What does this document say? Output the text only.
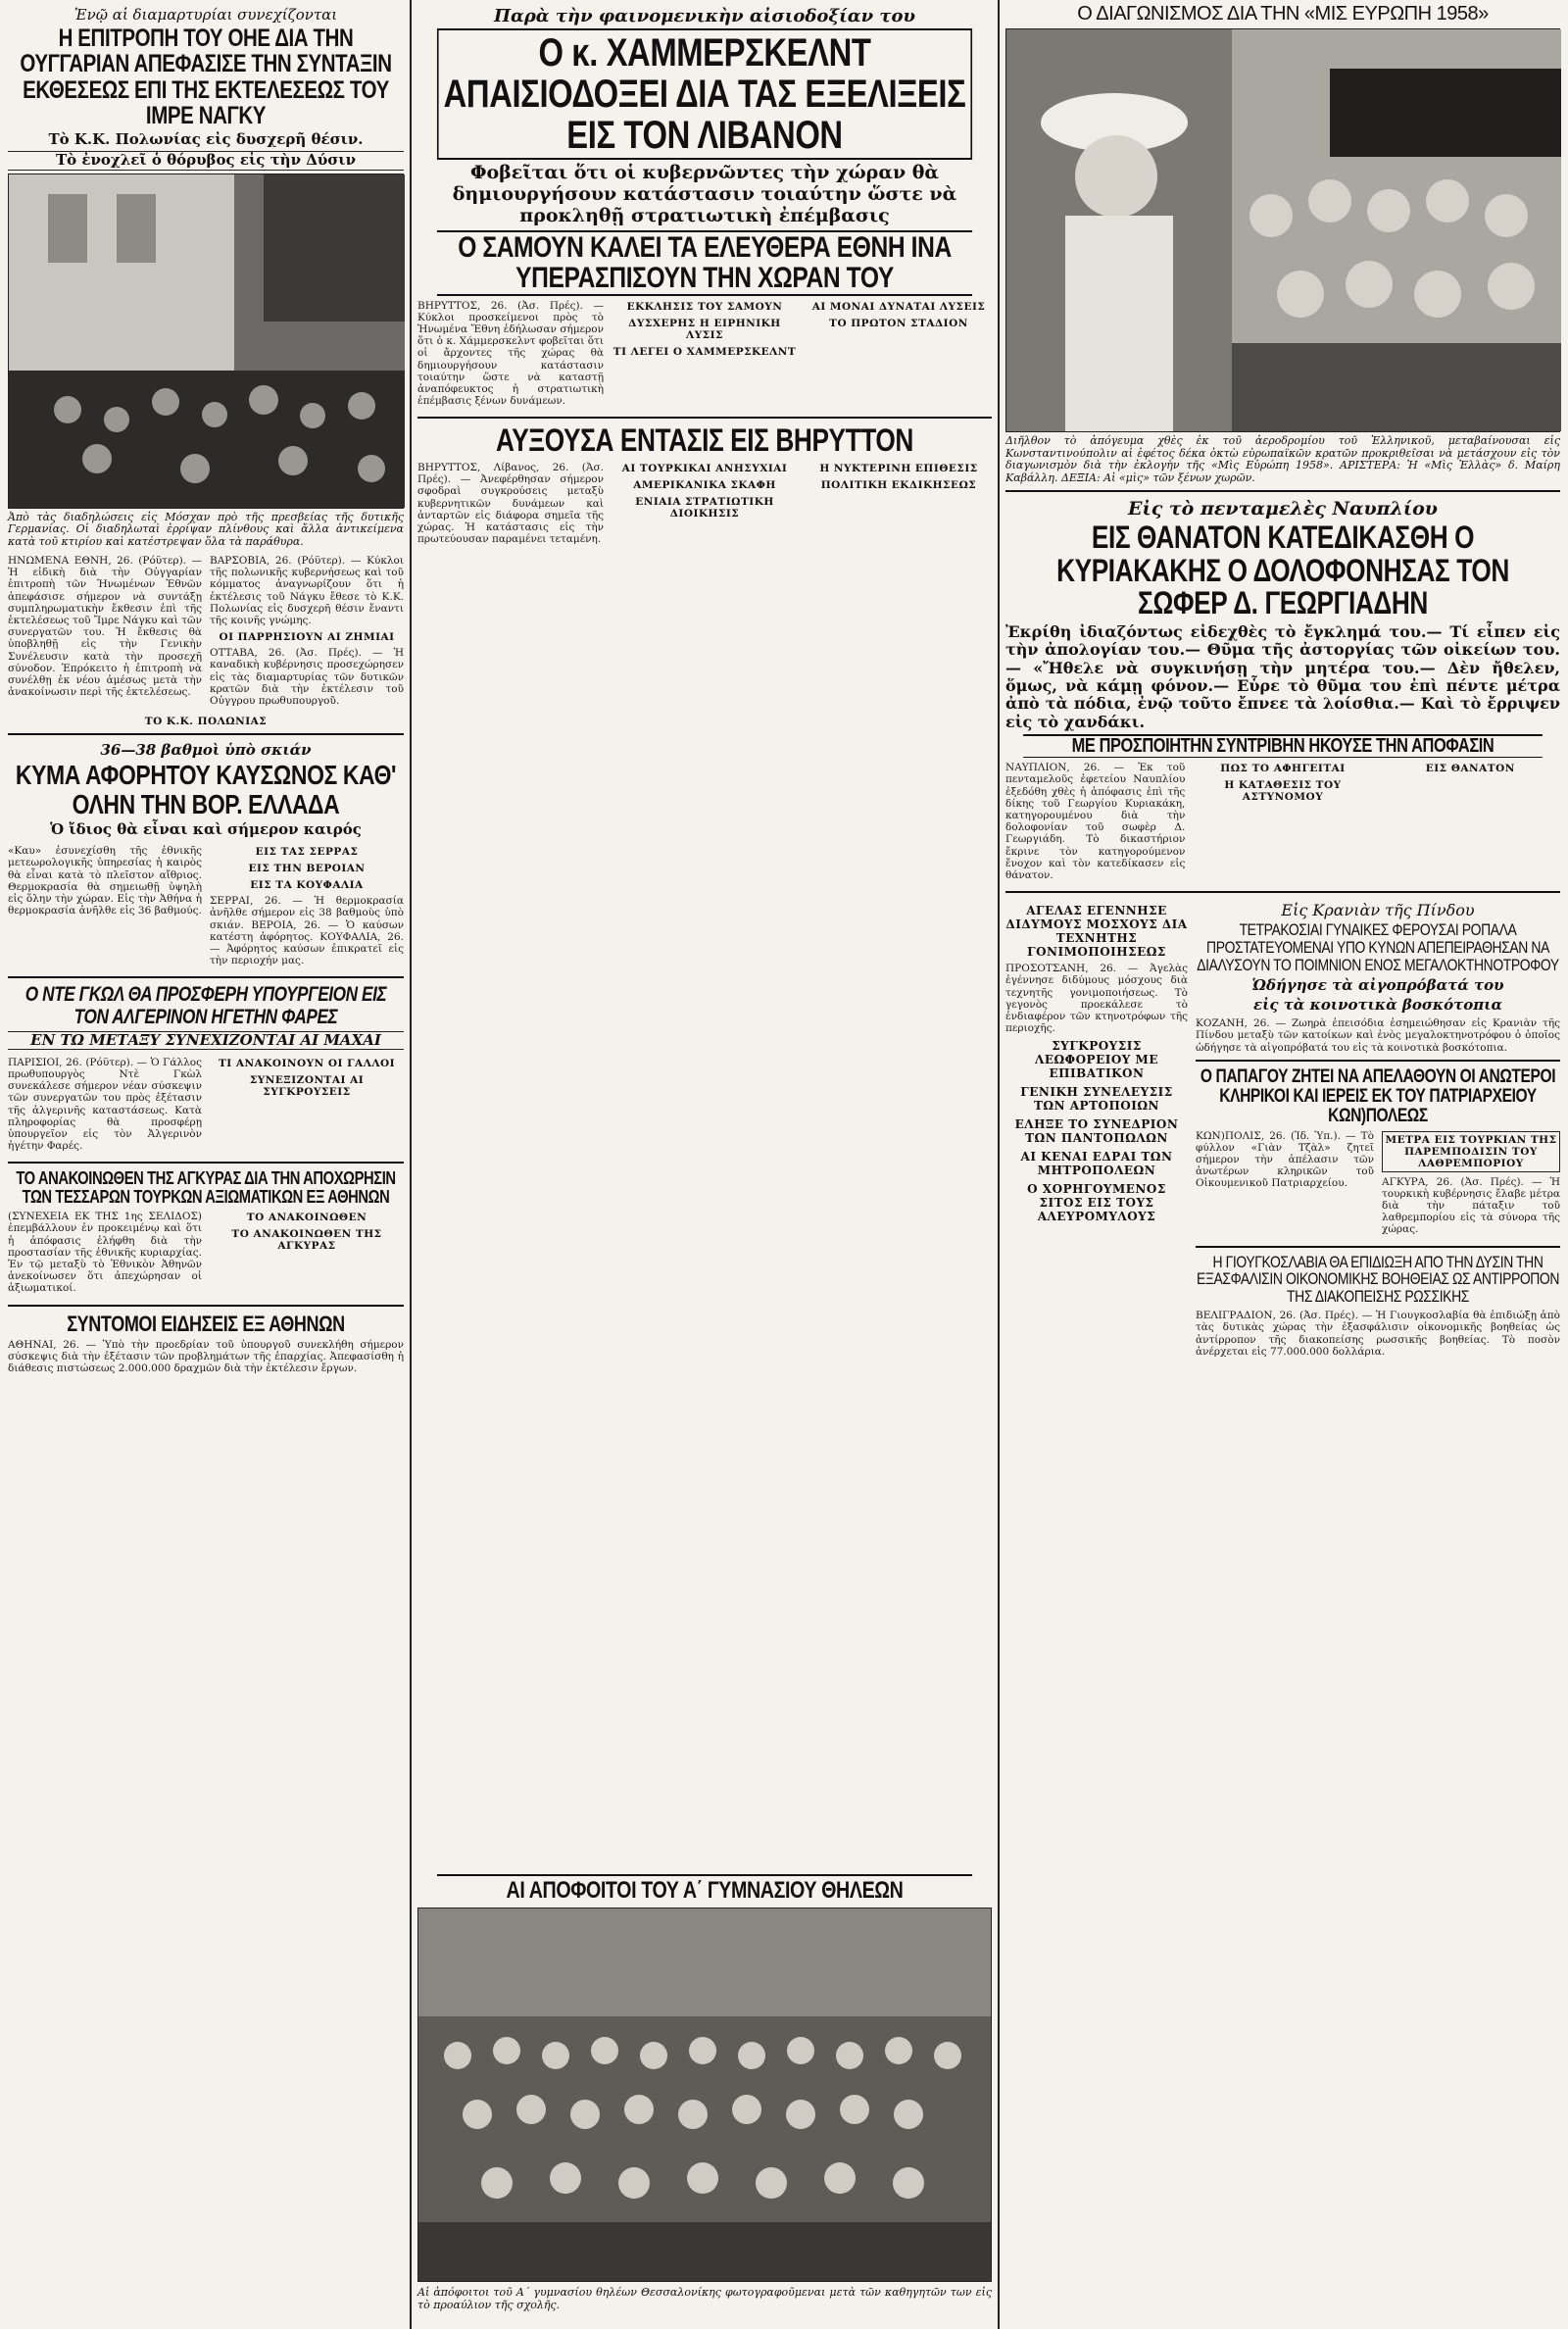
Ἐνῷ αἱ διαμαρτυρίαι συνεχίζονται
Η ΕΠΙΤΡΟΠΗ ΤΟΥ ΟΗΕ ΔΙΑ ΤΗΝ ΟΥΓΓΑΡΙΑΝ ΑΠΕΦΑΣΙΣΕ ΤΗΝ ΣΥΝΤΑΞΙΝ ΕΚΘΕΣΕΩΣ ΕΠΙ ΤΗΣ ΕΚΤΕΛΕΣΕΩΣ ΤΟΥ ΙΜΡΕ ΝΑΓΚΥ
Τὸ Κ.Κ. Πολωνίας εἰς δυσχερῆ θέσιν.
Τὸ ἐνοχλεῖ ὁ θόρυβος εἰς τὴν Δύσιν
Ἀπὸ τὰς διαδηλώσεις εἰς Μόσχαν πρὸ τῆς πρεσβείας τῆς δυτικῆς Γερμανίας. Οἱ διαδηλωταὶ ἐρρίψαν πλίνθους καὶ ἄλλα ἀντικείμενα κατὰ τοῦ κτιρίου καὶ κατέστρεψαν ὅλα τὰ παράθυρα.
ΗΝΩΜΕΝΑ ΕΘΝΗ, 26. (Ρόϋτερ). — Ἡ εἰδικὴ διὰ τὴν Οὐγγαρίαν ἐπιτροπὴ τῶν Ἡνωμένων Ἐθνῶν ἀπεφάσισε σήμερον νὰ συντάξῃ συμπληρωματικὴν ἔκθεσιν ἐπὶ τῆς ἐκτελέσεως τοῦ Ἴμρε Νάγκυ καὶ τῶν συνεργατῶν του. Ἡ ἔκθεσις θὰ ὑποβληθῇ εἰς τὴν Γενικὴν Συνέλευσιν κατὰ τὴν προσεχῆ σύνοδον. Ἐπρόκειτο ἡ ἐπιτροπὴ νὰ συνέλθῃ ἐκ νέου ἀμέσως μετὰ τὴν ἀνακοίνωσιν περὶ τῆς ἐκτελέσεως.
ΒΑΡΣΟΒΙΑ, 26. (Ρόϋτερ). — Κύκλοι τῆς πολωνικῆς κυβερνήσεως καὶ τοῦ κόμματος ἀναγνωρίζουν ὅτι ἡ ἐκτέλεσις τοῦ Νάγκυ ἔθεσε τὸ Κ.Κ. Πολωνίας εἰς δυσχερῆ θέσιν ἔναντι τῆς κοινῆς γνώμης.
ΟΙ ΠΑΡΡΗΣΙΟΥΝ ΑΙ ΖΗΜΙΑΙ
ΟΤΤΑΒΑ, 26. (Ἀσ. Πρές). — Ἡ καναδικὴ κυβέρνησις προσεχώρησεν εἰς τὰς διαμαρτυρίας τῶν δυτικῶν κρατῶν διὰ τὴν ἐκτέλεσιν τοῦ Οὐγγρου πρωθυπουργοῦ.
ΤΟ Κ.Κ. ΠΟΛΩΝΙΑΣ
36—38 βαθμοὶ ὑπὸ σκιάν
ΚΥΜΑ ΑΦΟΡΗΤΟΥ ΚΑΥΣΩΝΟΣ ΚΑΘ' ΟΛΗΝ ΤΗΝ ΒΟΡ. ΕΛΛΑΔΑ
Ὁ ἴδιος θὰ εἶναι καὶ σήμερον καιρός
«Καυ» ἐσυνεχίσθη τῆς ἐθνικῆς μετεωρολογικῆς ὑπηρεσίας ἡ καιρὸς θὰ εἶναι κατὰ τὸ πλεῖστον αἴθριος. Θερμοκρασία θὰ σημειωθῇ ὑψηλὴ εἰς ὅλην τὴν χώραν. Εἰς τὴν Ἀθήνα ἡ θερμοκρασία ἀνῆλθε εἰς 36 βαθμούς.
ΕΙΣ ΤΑΣ ΣΕΡΡΑΣ
ΕΙΣ ΤΗΝ ΒΕΡΟΙΑΝ
ΕΙΣ ΤΑ ΚΟΥΦΑΛΙΑ
ΣΕΡΡΑΙ, 26. — Ἡ θερμοκρασία ἀνῆλθε σήμερον εἰς 38 βαθμοὺς ὑπὸ σκιάν. ΒΕΡΟΙΑ, 26. — Ὁ καύσων κατέστη ἀφόρητος. ΚΟΥΦΑΛΙΑ, 26. — Ἀφόρητος καύσων ἐπικρατεῖ εἰς τὴν περιοχήν μας.
Ο ΝΤΕ ΓΚΩΛ ΘΑ ΠΡΟΣΦΕΡΗ ΥΠΟΥΡΓΕΙΟΝ ΕΙΣ ΤΟΝ ΑΛΓΕΡΙΝΟΝ ΗΓΕΤΗΝ ΦΑΡΕΣ
ΕΝ ΤΩ ΜΕΤΑΞΥ ΣΥΝΕΧΙΖΟΝΤΑΙ ΑΙ ΜΑΧΑΙ
ΠΑΡΙΣΙΟΙ, 26. (Ρόϋτερ). — Ὁ Γάλλος πρωθυπουργὸς Ντὲ Γκὼλ συνεκάλεσε σήμερον νέαν σύσκεψιν τῶν συνεργατῶν του πρὸς ἐξέτασιν τῆς ἀλγερινῆς καταστάσεως. Κατὰ πληροφορίας θὰ προσφέρῃ ὑπουργεῖον εἰς τὸν Ἀλγερινὸν ἡγέτην Φαρές.
ΤΙ ΑΝΑΚΟΙΝΟΥΝ ΟΙ ΓΑΛΛΟΙ
ΣΥΝΕΞΙΖΟΝΤΑΙ ΑΙ ΣΥΓΚΡΟΥΣΕΙΣ
ΤΟ ΑΝΑΚΟΙΝΩΘΕΝ ΤΗΣ ΑΓΚΥΡΑΣ ΔΙΑ ΤΗΝ ΑΠΟΧΩΡΗΣΙΝ ΤΩΝ ΤΕΣΣΑΡΩΝ ΤΟΥΡΚΩΝ ΑΞΙΩΜΑΤΙΚΩΝ ΕΞ ΑΘΗΝΩΝ
(ΣΥΝΕΧΕΙΑ ΕΚ ΤΗΣ 1ης ΣΕΛΙΔΟΣ) ἐπεμβάλλουν ἐν προκειμένῳ καὶ ὅτι ἡ ἀπόφασις ἐλήφθη διὰ τὴν προστασίαν τῆς ἐθνικῆς κυριαρχίας. Ἐν τῷ μεταξὺ τὸ Ἐθνικὸν Ἀθηνῶν ἀνεκοίνωσεν ὅτι ἀπεχώρησαν οἱ ἀξιωματικοί.
ΤΟ ΑΝΑΚΟΙΝΩΘΕΝ
ΤΟ ΑΝΑΚΟΙΝΩΘΕΝ ΤΗΣ ΑΓΚΥΡΑΣ
ΣΥΝΤΟΜΟΙ ΕΙΔΗΣΕΙΣ ΕΞ ΑΘΗΝΩΝ
ΑΘΗΝΑΙ, 26. — Ὑπὸ τὴν προεδρίαν τοῦ ὑπουργοῦ συνεκλήθη σήμερον σύσκεψις διὰ τὴν ἐξέτασιν τῶν προβλημάτων τῆς ἐπαρχίας. Ἀπεφασίσθη ἡ διάθεσις πιστώσεως 2.000.000 δραχμῶν διὰ τὴν ἐκτέλεσιν ἔργων.
Παρὰ τὴν φαινομενικὴν αἰσιοδοξίαν του
Ο κ. ΧΑΜΜΕΡΣΚΕΛΝΤ ΑΠΑΙΣΙΟΔΟΞΕΙ ΔΙΑ ΤΑΣ ΕΞΕΛΙΞΕΙΣ ΕΙΣ ΤΟΝ ΛΙΒΑΝΟΝ
Φοβεῖται ὅτι οἱ κυβερνῶντες τὴν χώραν θὰ δημιουργήσουν κατάστασιν τοιαύτην ὥστε νὰ προκληθῇ στρατιωτικὴ ἐπέμβασις
Ο ΣΑΜΟΥΝ ΚΑΛΕΙ ΤΑ ΕΛΕΥΘΕΡΑ ΕΘΝΗ ΙΝΑ ΥΠΕΡΑΣΠΙΣΟΥΝ ΤΗΝ ΧΩΡΑΝ ΤΟΥ
ΒΗΡΥΤΤΟΣ, 26. (Ἀσ. Πρές). — Κύκλοι προσκείμενοι πρὸς τὸ Ἡνωμένα Ἔθνη ἐδήλωσαν σήμερον ὅτι ὁ κ. Χάμμερσκελντ φοβεῖται ὅτι οἱ ἄρχοντες τῆς χώρας θὰ δημιουργήσουν κατάστασιν τοιαύτην ὥστε νὰ καταστῇ ἀναπόφευκτος ἡ στρατιωτικὴ ἐπέμβασις ξένων δυνάμεων.
ΕΚΚΛΗΣΙΣ ΤΟΥ ΣΑΜΟΥΝ
ΔΥΣΧΕΡΗΣ Η ΕΙΡΗΝΙΚΗ ΛΥΣΙΣ
ΤΙ ΛΕΓΕΙ Ο ΧΑΜΜΕΡΣΚΕΛΝΤ
ΑΙ ΜΟΝΑΙ ΔΥΝΑΤΑΙ ΛΥΣΕΙΣ
ΤΟ ΠΡΩΤΟΝ ΣΤΑΔΙΟΝ
ΑΥΞΟΥΣΑ ΕΝΤΑΣΙΣ ΕΙΣ ΒΗΡΥΤΤΟΝ
ΒΗΡΥΤΤΟΣ, Λίβανος, 26. (Ἀσ. Πρές). — Ἀνεφέρθησαν σήμερον σφοδραὶ συγκρούσεις μεταξὺ κυβερνητικῶν δυνάμεων καὶ ἀνταρτῶν εἰς διάφορα σημεῖα τῆς χώρας. Ἡ κατάστασις εἰς τὴν πρωτεύουσαν παραμένει τεταμένη.
ΑΙ ΤΟΥΡΚΙΚΑΙ ΑΝΗΣΥΧΙΑΙ
ΑΜΕΡΙΚΑΝΙΚΑ ΣΚΑΦΗ
ΕΝΙΑΙΑ ΣΤΡΑΤΙΩΤΙΚΗ ΔΙΟΙΚΗΣΙΣ
Η ΝΥΚΤΕΡΙΝΗ ΕΠΙΘΕΣΙΣ
ΠΟΛΙΤΙΚΗ ΕΚΔΙΚΗΣΕΩΣ
ΑΙ ΑΠΟΦΟΙΤΟΙ ΤΟΥ Α΄ ΓΥΜΝΑΣΙΟΥ ΘΗΛΕΩΝ
Αἱ ἀπόφοιτοι τοῦ Α΄ γυμνασίου θηλέων Θεσσαλονίκης φωτογραφοῦμεναι μετὰ τῶν καθηγητῶν των εἰς τὸ προαύλιον τῆς σχολῆς.
Ο ΔΙΑΓΩΝΙΣΜΟΣ ΔΙΑ ΤΗΝ «ΜΙΣ ΕΥΡΩΠΗ 1958»
Διῆλθον τὸ ἀπόγευμα χθὲς ἐκ τοῦ ἀεροδρομίου τοῦ Ἑλληνικοῦ, μεταβαίνουσαι εἰς Κωνσταντινούπολιν αἱ ἐφέτος δέκα ὀκτὼ εὐρωπαϊκῶν κρατῶν προκριθεῖσαι νὰ μετάσχουν εἰς τὸν διαγωνισμὸν διὰ τὴν ἐκλογὴν τῆς «Μὶς Εὐρώπη 1958». ΑΡΙΣΤΕΡΑ: Ἡ «Μὶς Ἑλλὰς» δ. Μαίρη Καβάλλη. ΔΕΞΙΑ: Αἱ «μὶς» τῶν ξένων χωρῶν.
Εἰς τὸ πενταμελὲς Ναυπλίου
ΕΙΣ ΘΑΝΑΤΟΝ ΚΑΤΕΔΙΚΑΣΘΗ Ο ΚΥΡΙΑΚΑΚΗΣ Ο ΔΟΛΟΦΟΝΗΣΑΣ ΤΟΝ ΣΩΦΕΡ Δ. ΓΕΩΡΓΙΑΔΗΝ
Ἐκρίθη ἰδιαζόντως εἰδεχθὲς τὸ ἔγκλημά του.— Τί εἶπεν εἰς τὴν ἀπολογίαν του.— Θῦμα τῆς ἀστοργίας τῶν οἰκείων του.— «Ἤθελε νὰ συγκινήσῃ τὴν μητέρα του.— Δὲν ἤθελεν, ὅμως, νὰ κάμῃ φόνον.— Εὗρε τὸ θῦμα του ἐπὶ πέντε μέτρα ἀπὸ τὰ πόδια, ἐνῷ τοῦτο ἔπνεε τὰ λοίσθια.— Καὶ τὸ ἔρριψεν εἰς τὸ χανδάκι.
ΜΕ ΠΡΟΣΠΟΙΗΤΗΝ ΣΥΝΤΡΙΒΗΝ ΗΚΟΥΣΕ ΤΗΝ ΑΠΟΦΑΣΙΝ
ΝΑΥΠΛΙΟΝ, 26. — Ἐκ τοῦ πενταμελοῦς ἐφετείου Ναυπλίου ἐξεδόθη χθὲς ἡ ἀπόφασις ἐπὶ τῆς δίκης τοῦ Γεωργίου Κυριακάκη, κατηγορουμένου διὰ τὴν δολοφονίαν τοῦ σωφὲρ Δ. Γεωργιάδη. Τὸ δικαστήριον ἔκρινε τὸν κατηγορούμενον ἔνοχον καὶ τὸν κατεδίκασεν εἰς θάνατον.
ΠΩΣ ΤΟ ΑΦΗΓΕΙΤΑΙ
Η ΚΑΤΑΘΕΣΙΣ ΤΟΥ ΑΣΤΥΝΟΜΟΥ
ΕΙΣ ΘΑΝΑΤΟΝ
ΑΓΕΛΑΣ ΕΓΕΝΝΗΣΕ ΔΙΔΥΜΟΥΣ ΜΟΣΧΟΥΣ ΔΙΑ ΤΕΧΝΗΤΗΣ ΓΟΝΙΜΟΠΟΙΗΣΕΩΣ
ΠΡΟΣΟΤΣΑΝΗ, 26. — Ἀγελὰς ἐγέννησε διδύμους μόσχους διὰ τεχνητῆς γονιμοποιήσεως. Τὸ γεγονὸς προεκάλεσε τὸ ἐνδιαφέρον τῶν κτηνοτρόφων τῆς περιοχῆς.
ΣΥΓΚΡΟΥΣΙΣ ΛΕΩΦΟΡΕΙΟΥ ΜΕ ΕΠΙΒΑΤΙΚΟΝ
ΓΕΝΙΚΗ ΣΥΝΕΛΕΥΣΙΣ ΤΩΝ ΑΡΤΟΠΟΙΩΝ
ΕΛΗΞΕ ΤΟ ΣΥΝΕΔΡΙΟΝ ΤΩΝ ΠΑΝΤΟΠΩΛΩΝ
ΑΙ ΚΕΝΑΙ ΕΔΡΑΙ ΤΩΝ ΜΗΤΡΟΠΟΛΕΩΝ
Ο ΧΟΡΗΓΟΥΜΕΝΟΣ ΣΙΤΟΣ ΕΙΣ ΤΟΥΣ ΑΛΕΥΡΟΜΥΛΟΥΣ
Εἰς Κρανιὰν τῆς Πίνδου
ΤΕΤΡΑΚΟΣΙΑΙ ΓΥΝΑΙΚΕΣ ΦΕΡΟΥΣΑΙ ΡΟΠΑΛΑ ΠΡΟΣΤΑΤΕΥΟΜΕΝΑΙ ΥΠΟ ΚΥΝΩΝ ΑΠΕΠΕΙΡΑΘΗΣΑΝ ΝΑ ΔΙΑΛΥΣΟΥΝ ΤΟ ΠΟΙΜΝΙΟΝ ΕΝΟΣ ΜΕΓΑΛΟΚΤΗΝΟΤΡΟΦΟΥ
Ὡδήγησε τὰ αἰγοπρόβατά του
εἰς τὰ κοινοτικὰ βοσκότοπια
ΚΟΖΑΝΗ, 26. — Ζωηρὰ ἐπεισόδια ἐσημειώθησαν εἰς Κρανιὰν τῆς Πίνδου μεταξὺ τῶν κατοίκων καὶ ἑνὸς μεγαλοκτηνοτρόφου ὁ ὁποῖος ὡδήγησε τὰ αἰγοπρόβατά του εἰς τὰ κοινοτικὰ βοσκότοπια.
Ο ΠΑΠΑΓΟΥ ΖΗΤΕΙ ΝΑ ΑΠΕΛΑΘΟΥΝ ΟΙ ΑΝΩΤΕΡΟΙ ΚΛΗΡΙΚΟΙ ΚΑΙ ΙΕΡΕΙΣ ΕΚ ΤΟΥ ΠΑΤΡΙΑΡΧΕΙΟΥ ΚΩΝ)ΠΟΛΕΩΣ
ΚΩΝ)ΠΟΛΙΣ, 26. (Ἰδ. Ὑπ.). — Τὸ φύλλον «Γιὰν Τζὰλ» ζητεῖ σήμερον τὴν ἀπέλασιν τῶν ἀνωτέρων κληρικῶν τοῦ Οἰκουμενικοῦ Πατριαρχείου.
ΜΕΤΡΑ ΕΙΣ ΤΟΥΡΚΙΑΝ ΤΗΣ ΠΑΡΕΜΠΟΔΙΣΙΝ ΤΟΥ ΛΑΘΡΕΜΠΟΡΙΟΥ
ΑΓΚΥΡΑ, 26. (Ἀσ. Πρές). — Ἡ τουρκικὴ κυβέρνησις ἔλαβε μέτρα διὰ τὴν πάταξιν τοῦ λαθρεμπορίου εἰς τὰ σύνορα τῆς χώρας.
Η ΓΙΟΥΓΚΟΣΛΑΒΙΑ ΘΑ ΕΠΙΔΙΩΞΗ ΑΠΟ ΤΗΝ ΔΥΣΙΝ ΤΗΝ ΕΞΑΣΦΑΛΙΣΙΝ ΟΙΚΟΝΟΜΙΚΗΣ ΒΟΗΘΕΙΑΣ ΩΣ ΑΝΤΙΡΡΟΠΟΝ ΤΗΣ ΔΙΑΚΟΠΕΙΣΗΣ ΡΩΣΣΙΚΗΣ
ΒΕΛΙΓΡΑΔΙΟΝ, 26. (Ἀσ. Πρές). — Ἡ Γιουγκοσλαβία θὰ ἐπιδιώξῃ ἀπὸ τὰς δυτικὰς χώρας τὴν ἐξασφάλισιν οἰκονομικῆς βοηθείας ὡς ἀντίρροπον τῆς διακοπείσης ρωσσικῆς βοηθείας. Τὸ ποσὸν ἀνέρχεται εἰς 77.000.000 δολλάρια.
